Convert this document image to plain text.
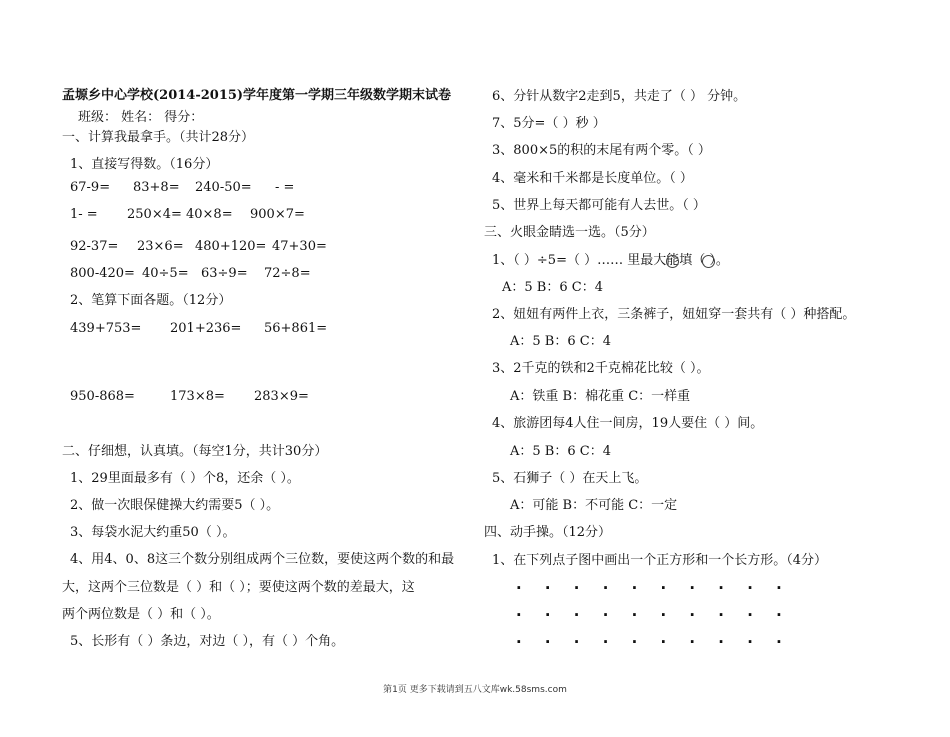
孟塬乡中心学校(2014-2015)学年度第一学期三年级数学期末试卷
班级： 姓名： 得分：
一、计算我最拿手。（共计28分）
1、直接写得数。（16分）
67-9= 83+8= 240-50= - =
1- = 250×4= 40×8= 900×7=
92-37= 23×6= 480+120= 47+30=
800-420= 40÷5= 63÷9= 72÷8=
2、笔算下面各题。（12分）
439+753= 201+236= 56+861=
950-868=	173×8= 283×9=
二、仔细想，认真填。（每空1分，共计30分）
1、29里面最多有（ ）个8，还余（ ）。
2、做一次眼保健操大约需要5（ ）。
3、每袋水泥大约重50（ ）。
4、用4、0、8这三个数分别组成两个三位数，要使这两个数的和最
大，这两个三位数是（ ）和（ ）；要使这两个数的差最大，这
两个两位数是（ ）和（ ）。
5、长形有（ ）条边，对边（ ），有（ ）个角。
6、分针从数字2走到5，共走了（ ） 分钟。
7、5分=（ ）秒 ）
3、800×5的积的末尾有两个零。（ ）
4、毫米和千米都是长度单位。（ ）
5、世界上每天都可能有人去世。（ ）
三、火眼金睛选一选。（5分）
1、（ ）÷5=（ ）…… 里最大能填（ ）。
A：5 B：6 C：4
2、妞妞有两件上衣，三条裤子，妞妞穿一套共有（ ）种搭配。
A：5 B：6 C：4
3、2千克的铁和2千克棉花比较（ ）。
A：铁重 B：棉花重 C：一样重
4、旅游团每4人住一间房，19人要住（ ）间。
A：5 B：6 C：4
5、石狮子（ ）在天上飞。
A：可能 B：不可能 C：一定
四、动手操。（12分）
1、在下列点子图中画出一个正方形和一个长方形。（4分）
.  .  .  .  .  .  .  .  .  .
.  .  .  .  .  .  .  .  .  .
.  .  .  .  .  .  .  .  .  .
第1页 更多下载请到五八文库wk.58sms.com
